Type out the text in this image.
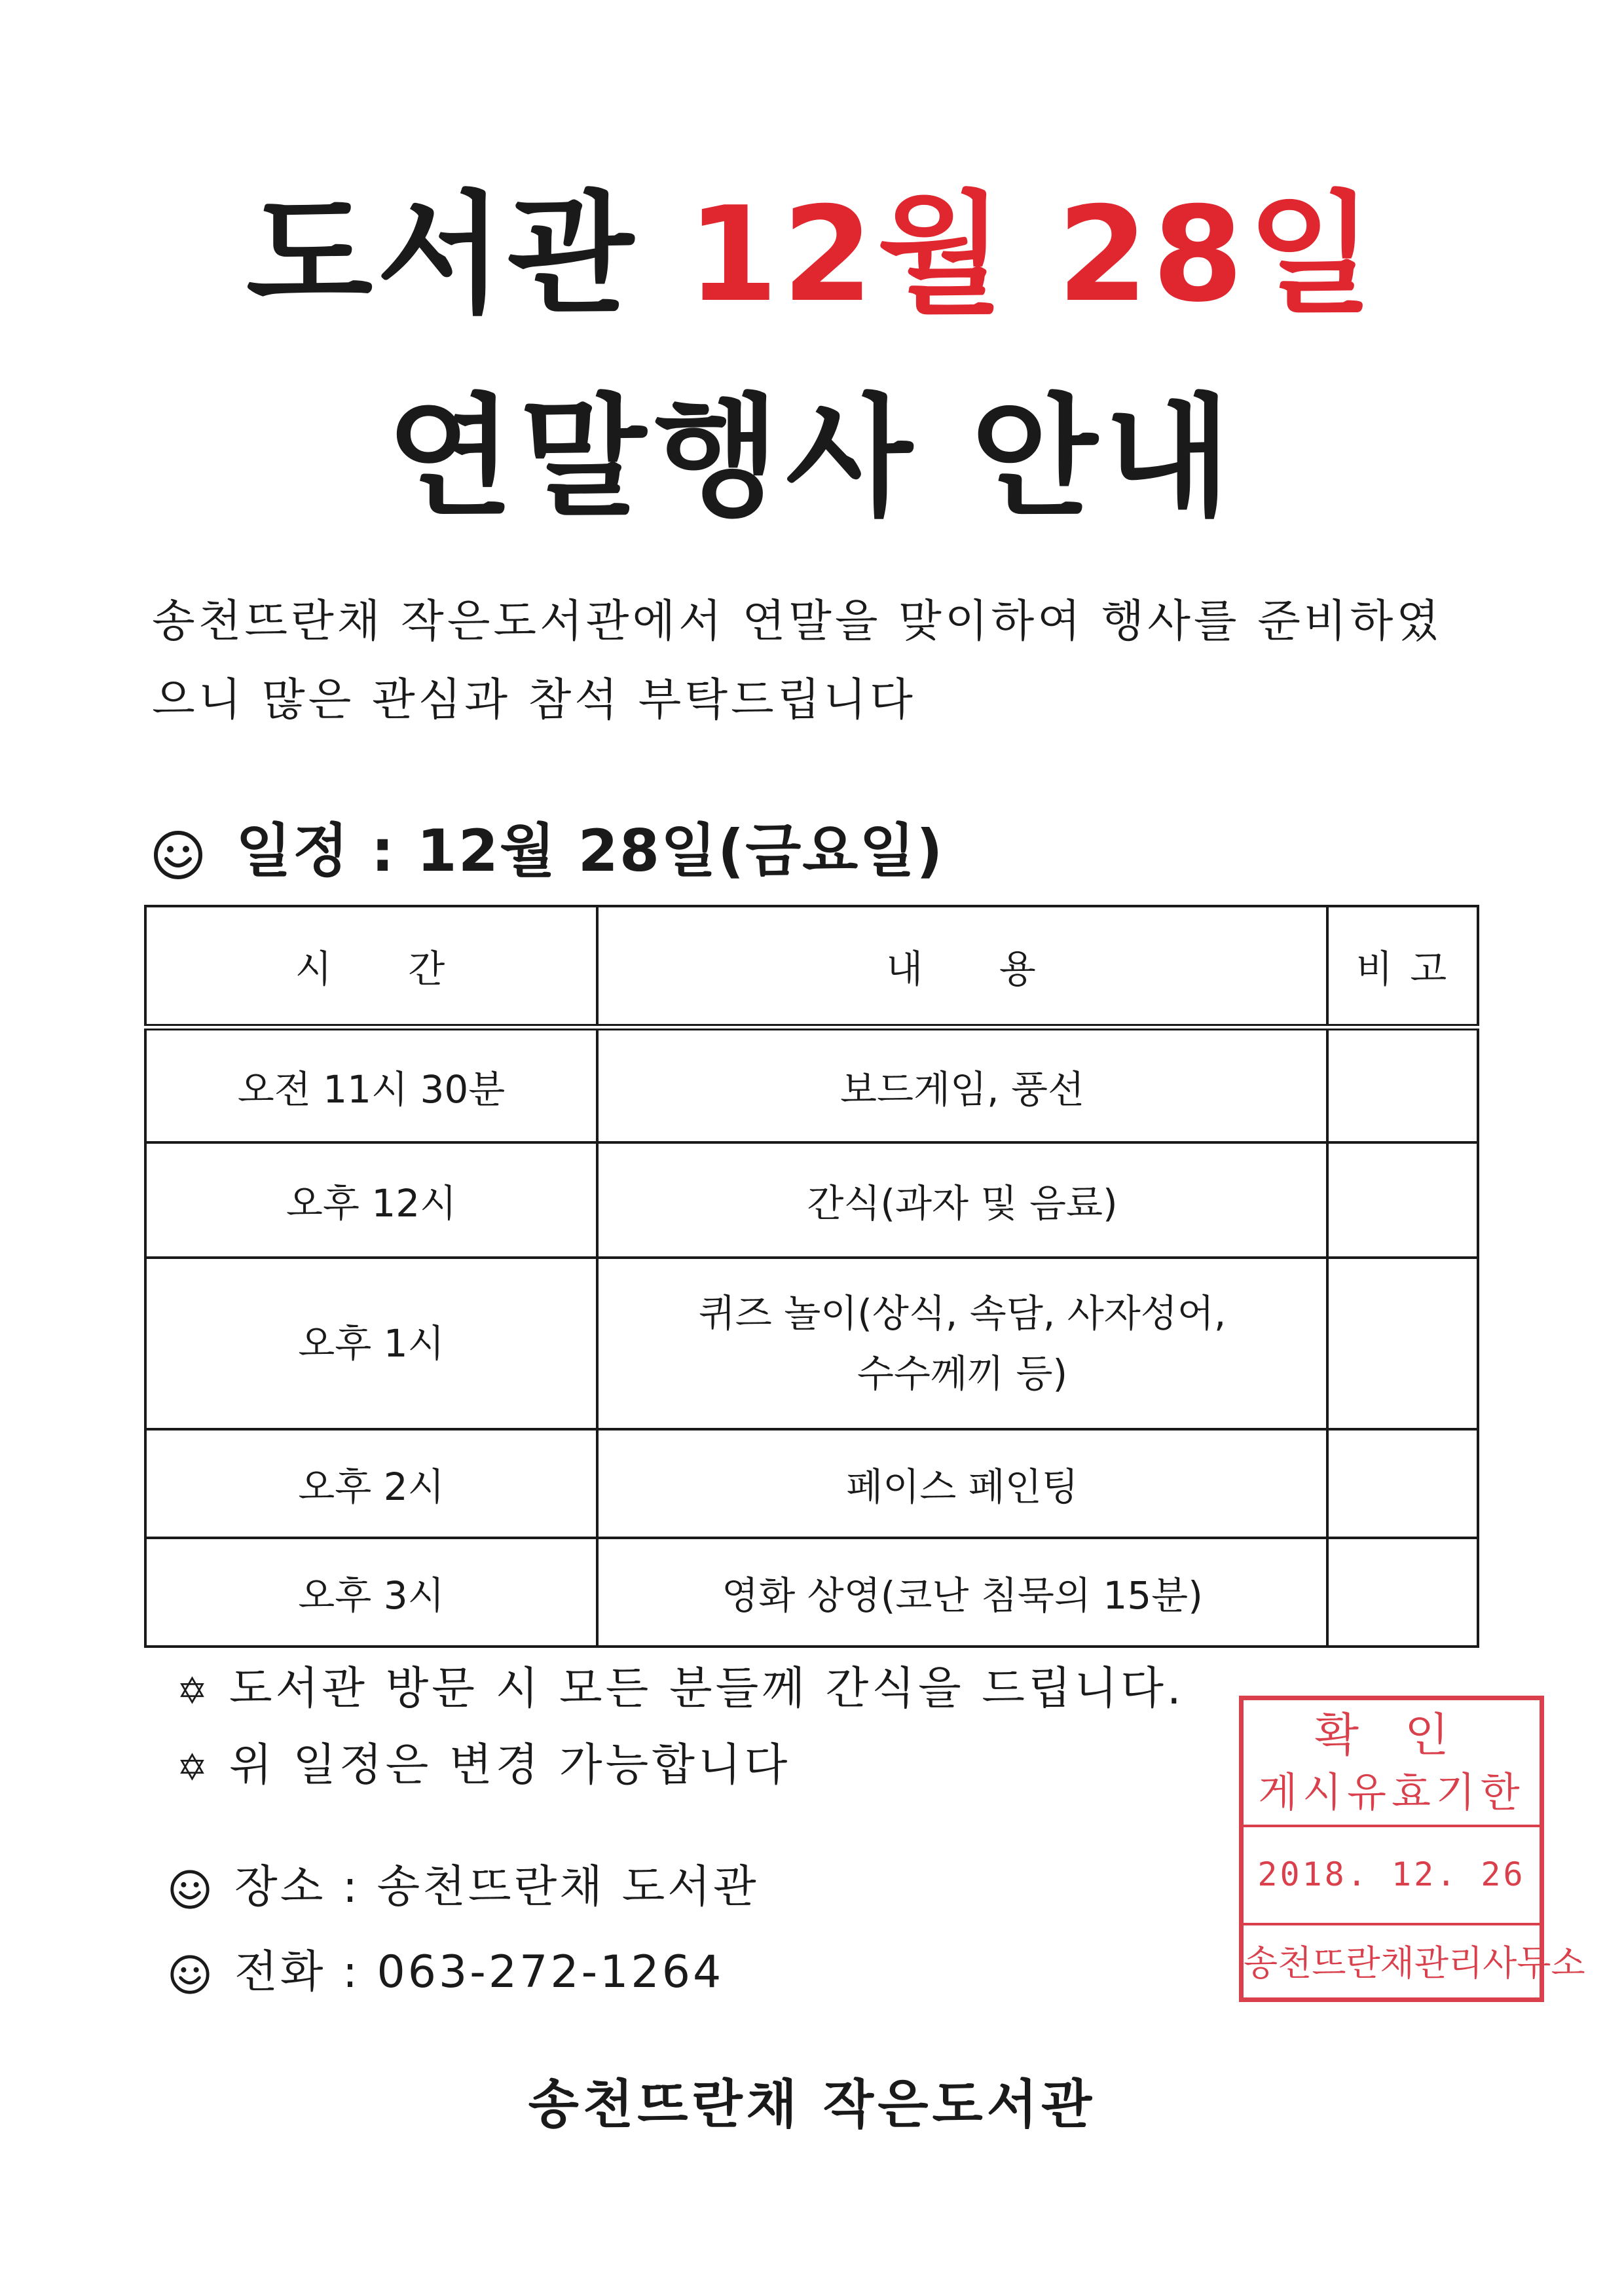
도서관 12월 28일
연말행사 안내
송천뜨란채 작은도서관에서 연말을 맞이하여 행사를 준비하였
으니 많은 관심과 참석 부탁드립니다
일정 : 12월 28일(금요일)
시 간	내 용	비 고
오전 11시 30분	보드게임, 풍선	
오후 12시	간식(과자 및 음료)	
오후 1시	퀴즈 놀이(상식, 속담, 사자성어,
수수께끼 등)	

오후 2시	페이스 페인팅	
오후 3시	영화 상영(코난 침묵의 15분)	
✡ 도서관 방문 시 모든 분들께 간식을 드립니다.
✡ 위 일정은 변경 가능합니다
장소 : 송천뜨란채 도서관
전화 : 063-272-1264
송천뜨란채 작은도서관
확인
게시유효기한
2018. 12. 26
송천뜨란채관리사무소
